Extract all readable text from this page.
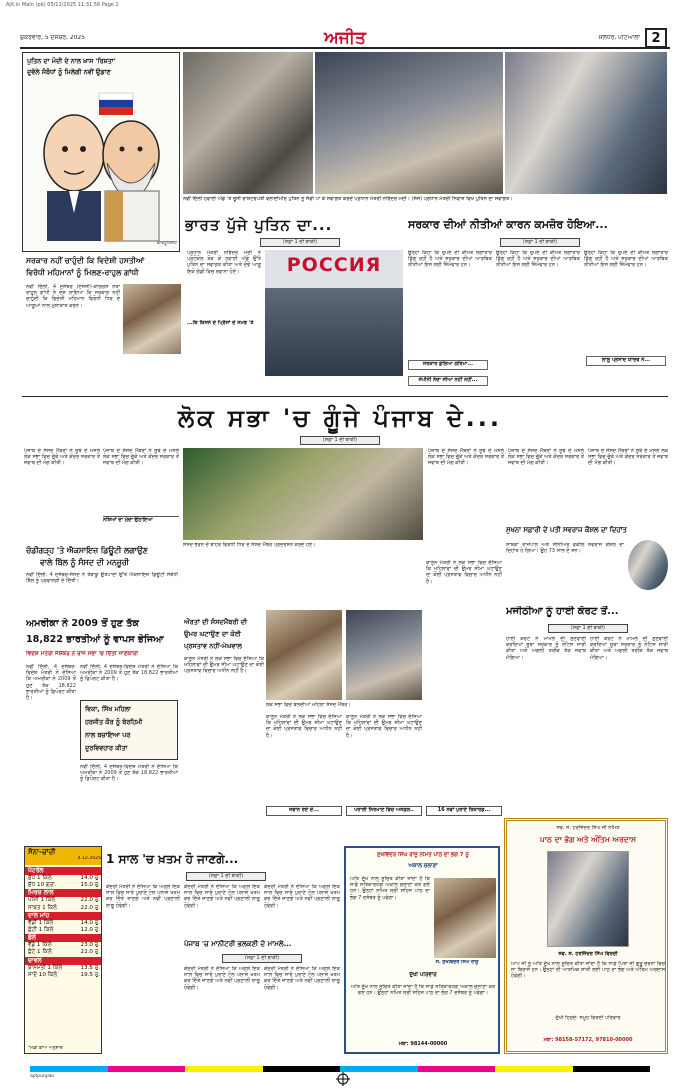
Ajit.in Main (pb) 05/12/2025 11:31:56 Page 2
ਸ਼ੁੱਕਰਵਾਰ, 5 ਦਸੰਬਰ, 2025	ਅਜੀਤ	ਜਲੰਧਰ, ਪਟਿਆਲਾ 2
ਪੁਤਿਨ ਦਾ ਮੋਦੀ ਦੇ ਨਾਲ ਖ਼ਾਸ 'ਰਿਸ਼ਤਾ'
ਦੁਵੱਲੇ ਸੰਬੰਧਾਂ ਨੂੰ ਮਿਲੇਗੀ ਨਵੀਂ ਉਡਾਣ
ਕਾਰਟੂਨਿਸਟ
ਨਵੀਂ ਦਿੱਲੀ ਹਵਾਈ ਅੱਡੇ 'ਤੇ ਰੂਸੀ ਰਾਸ਼ਟਰਪਤੀ ਵਲਾਦੀਮੀਰ ਪੁਤਿਨ ਨੂੰ ਜੱਫੀ ਪਾ ਕੇ ਸਵਾਗਤ ਕਰਦੇ ਪ੍ਰਧਾਨ ਮੰਤਰੀ ਨਰਿੰਦਰ ਮੋਦੀ। (ਸੱਜੇ) ਪ੍ਰਧਾਨ ਮੰਤਰੀ ਨਿਵਾਸ ਵਿਖੇ ਪੁਤਿਨ ਦਾ ਸਵਾਗਤ।
ਸਰਕਾਰ ਨਹੀਂ ਚਾਹੁੰਦੀ ਕਿ ਵਿਦੇਸ਼ੀ ਹਸਤੀਆਂ
ਵਿਰੋਧੀ ਮਹਿਮਾਨਾਂ ਨੂੰ ਮਿਲਣ-ਰਾਹੁਲ ਗਾਂਧੀ
ਨਵੀਂ ਦਿੱਲੀ, 4 ਦਸੰਬਰ (ਏਜੰਸੀ)-ਕਾਂਗਰਸ ਨੇਤਾ ਰਾਹੁਲ ਗਾਂਧੀ ਨੇ ਦੋਸ਼ ਲਾਇਆ ਕਿ ਸਰਕਾਰ ਨਹੀਂ ਚਾਹੁੰਦੀ ਕਿ ਵਿਦੇਸ਼ੀ ਮਹਿਮਾਨ ਵਿਰੋਧੀ ਧਿਰ ਦੇ ਆਗੂਆਂ ਨਾਲ ਮੁਲਾਕਾਤ ਕਰਨ।
ਭਾਰਤ ਪੁੱਜੇ ਪੁਤਿਨ ਦਾ...
(ਸਫ਼ਾ 1 ਦੀ ਬਾਕੀ)
ਪ੍ਰਧਾਨ ਮੰਤਰੀ ਨਰਿੰਦਰ ਮੋਦੀ ਨੇ ਪ੍ਰੋਟੋਕੋਲ ਤੋੜ ਕੇ ਹਵਾਈ ਅੱਡੇ ਉੱਤੇ ਪੁਤਿਨ ਦਾ ਸਵਾਗਤ ਕੀਤਾ ਅਤੇ ਦੋਵੇਂ ਆਗੂ ਇਕੋ ਗੱਡੀ ਵਿਚ ਰਵਾਨਾ ਹੋਏ।	РОССИЯ
...ਕਿ ਕਿਸਨੇ ਦੇ ਪ੍ਰਿੰਸਾਂ ਦੇ ਸਮਝ 'ਤੇ
ਸਰਕਾਰ ਦੀਆਂ ਨੀਤੀਆਂ ਕਾਰਨ ਕਮਜ਼ੋਰ ਹੋਇਆ...
(ਸਫ਼ਾ 1 ਦੀ ਬਾਕੀ)
ਉਨ੍ਹਾਂ ਕਿਹਾ ਕਿ ਰੁਪਏ ਦੀ ਕੀਮਤ ਲਗਾਤਾਰ ਡਿੱਗ ਰਹੀ ਹੈ ਅਤੇ ਸਰਕਾਰ ਦੀਆਂ ਆਰਥਿਕ ਨੀਤੀਆਂ ਇਸ ਲਈ ਜ਼ਿੰਮੇਵਾਰ ਹਨ।
ਉਨ੍ਹਾਂ ਕਿਹਾ ਕਿ ਰੁਪਏ ਦੀ ਕੀਮਤ ਲਗਾਤਾਰ ਡਿੱਗ ਰਹੀ ਹੈ ਅਤੇ ਸਰਕਾਰ ਦੀਆਂ ਆਰਥਿਕ ਨੀਤੀਆਂ ਇਸ ਲਈ ਜ਼ਿੰਮੇਵਾਰ ਹਨ।
ਉਨ੍ਹਾਂ ਕਿਹਾ ਕਿ ਰੁਪਏ ਦੀ ਕੀਮਤ ਲਗਾਤਾਰ ਡਿੱਗ ਰਹੀ ਹੈ ਅਤੇ ਸਰਕਾਰ ਦੀਆਂ ਆਰਥਿਕ ਨੀਤੀਆਂ ਇਸ ਲਈ ਜ਼ਿੰਮੇਵਾਰ ਹਨ।
ਸਰਕਾਰ ਡੋਲਿਆ ਗਰਿਮਾ...
ਲਾਲੂ ਪ੍ਰਸਾਦ ਯਾਦਵ ਨੇ...
ਜੇਪੀਨੀ ਨੰਦਾ ਜੀਆ ਨਹੀਂ ਨਹੀਂ...
ਲੋਕ ਸਭਾ 'ਚ ਗੂੰਜੇ ਪੰਜਾਬ ਦੇ...
(ਸਫ਼ਾ 1 ਦੀ ਬਾਕੀ)
ਪੰਜਾਬ ਦੇ ਸੰਸਦ ਮੈਂਬਰਾਂ ਨੇ ਸੂਬੇ ਦੇ ਮਸਲੇ ਲੋਕ ਸਭਾ ਵਿਚ ਚੁੱਕੇ ਅਤੇ ਕੇਂਦਰ ਸਰਕਾਰ ਤੋਂ ਜਵਾਬ ਦੀ ਮੰਗ ਕੀਤੀ।
ਪੰਜਾਬ ਦੇ ਸੰਸਦ ਮੈਂਬਰਾਂ ਨੇ ਸੂਬੇ ਦੇ ਮਸਲੇ ਲੋਕ ਸਭਾ ਵਿਚ ਚੁੱਕੇ ਅਤੇ ਕੇਂਦਰ ਸਰਕਾਰ ਤੋਂ ਜਵਾਬ ਦੀ ਮੰਗ ਕੀਤੀ।
ਸੰਸਦ ਭਵਨ ਦੇ ਬਾਹਰ ਵਿਰੋਧੀ ਧਿਰ ਦੇ ਸੰਸਦ ਮੈਂਬਰ ਪ੍ਰਦਰਸ਼ਨ ਕਰਦੇ ਹੋਏ।
ਪੰਜਾਬ ਦੇ ਸੰਸਦ ਮੈਂਬਰਾਂ ਨੇ ਸੂਬੇ ਦੇ ਮਸਲੇ ਲੋਕ ਸਭਾ ਵਿਚ ਚੁੱਕੇ ਅਤੇ ਕੇਂਦਰ ਸਰਕਾਰ ਤੋਂ ਜਵਾਬ ਦੀ ਮੰਗ ਕੀਤੀ।
ਪੰਜਾਬ ਦੇ ਸੰਸਦ ਮੈਂਬਰਾਂ ਨੇ ਸੂਬੇ ਦੇ ਮਸਲੇ ਲੋਕ ਸਭਾ ਵਿਚ ਚੁੱਕੇ ਅਤੇ ਕੇਂਦਰ ਸਰਕਾਰ ਤੋਂ ਜਵਾਬ ਦੀ ਮੰਗ ਕੀਤੀ।
ਪੰਜਾਬ ਦੇ ਸੰਸਦ ਮੈਂਬਰਾਂ ਨੇ ਸੂਬੇ ਦੇ ਮਸਲੇ ਲੋਕ ਸਭਾ ਵਿਚ ਚੁੱਕੇ ਅਤੇ ਕੇਂਦਰ ਸਰਕਾਰ ਤੋਂ ਜਵਾਬ ਦੀ ਮੰਗ ਕੀਤੀ।
ਨਸ਼ਿਆਂ ਦਾ ਮੁੱਦਾ ਉਠਾਇਆ
ਚੰਡੀਗੜ੍ਹ 'ਤੇ ਐਕਸਾਇਜ਼ ਡਿਊਟੀ ਲਗਾਉਣ
ਵਾਲੇ ਬਿੱਲ ਨੂੰ ਸੰਸਦ ਦੀ ਮਨਜ਼ੂਰੀ
ਨਵੀਂ ਦਿੱਲੀ, 4 ਦਸੰਬਰ-ਸੰਸਦ ਨੇ ਤੰਬਾਕੂ ਉਤਪਾਦਾਂ ਉੱਤੇ ਐਕਸਾਇਜ਼ ਡਿਊਟੀ ਸੰਬੰਧੀ ਬਿੱਲ ਨੂੰ ਪ੍ਰਵਾਨਗੀ ਦੇ ਦਿੱਤੀ।
ਅਮਰੀਕਾ ਨੇ 2009 ਤੋਂ ਹੁਣ ਤੱਕ
18,822 ਭਾਰਤੀਆਂ ਨੂੰ ਵਾਪਸ ਭੇਜਿਆ
ਵਿਦੇਸ਼ ਮੰਤਰੀ ਜੈਸ਼ੰਕਰ ਨੇ ਰਾਜ ਸਭਾ 'ਚ ਦਿੱਤੀ ਜਾਣਕਾਰੀ
ਨਵੀਂ ਦਿੱਲੀ, 4 ਦਸੰਬਰ-ਵਿਦੇਸ਼ ਮੰਤਰੀ ਨੇ ਦੱਸਿਆ ਕਿ ਅਮਰੀਕਾ ਨੇ 2009 ਤੋਂ ਹੁਣ ਤੱਕ 18,822 ਭਾਰਤੀਆਂ ਨੂੰ ਡਿਪੋਰਟ ਕੀਤਾ ਹੈ।
ਵਿਕਾ, ਸਿੱਖ ਮਹਿਲਾ
ਹਰਜੀਤ ਕੌਰ ਨੂੰ ਬੇਰਹਿਮੀ
ਨਾਲ ਬਚਾਇਆ ਪਰ
ਦੁਰਵਿਵਹਾਰ ਕੀਤਾ
ਨਵੀਂ ਦਿੱਲੀ, 4 ਦਸੰਬਰ-ਵਿਦੇਸ਼ ਮੰਤਰੀ ਨੇ ਦੱਸਿਆ ਕਿ ਅਮਰੀਕਾ ਨੇ 2009 ਤੋਂ ਹੁਣ ਤੱਕ 18,822 ਭਾਰਤੀਆਂ ਨੂੰ ਡਿਪੋਰਟ ਕੀਤਾ ਹੈ।
ਨਵੀਂ ਦਿੱਲੀ, 4 ਦਸੰਬਰ-ਵਿਦੇਸ਼ ਮੰਤਰੀ ਨੇ ਦੱਸਿਆ ਕਿ ਅਮਰੀਕਾ ਨੇ 2009 ਤੋਂ ਹੁਣ ਤੱਕ 18,822 ਭਾਰਤੀਆਂ ਨੂੰ ਡਿਪੋਰਟ ਕੀਤਾ ਹੈ।
ਲੋਕ ਸਭਾ ਵਿਚ ਬੋਲਦੀਆਂ ਮਹਿਲਾ ਸੰਸਦ ਮੈਂਬਰ।
ਔਰਤਾਂ ਦੀ ਸੰਸਦਮੈਂਬਰੀ ਦੀ
ਉਮਰ ਘਟਾਉਣ ਦਾ ਕੋਈ
ਪ੍ਰਸਤਾਵ ਨਹੀਂ-ਮੇਘਵਾਲ
ਕਾਨੂੰਨ ਮੰਤਰੀ ਨੇ ਲੋਕ ਸਭਾ ਵਿਚ ਦੱਸਿਆ ਕਿ ਮਹਿਲਾਵਾਂ ਦੀ ਉਮਰ ਸੀਮਾ ਘਟਾਉਣ ਦਾ ਕੋਈ ਪ੍ਰਸਤਾਵ ਵਿਚਾਰ ਅਧੀਨ ਨਹੀਂ ਹੈ।
ਕਾਨੂੰਨ ਮੰਤਰੀ ਨੇ ਲੋਕ ਸਭਾ ਵਿਚ ਦੱਸਿਆ ਕਿ ਮਹਿਲਾਵਾਂ ਦੀ ਉਮਰ ਸੀਮਾ ਘਟਾਉਣ ਦਾ ਕੋਈ ਪ੍ਰਸਤਾਵ ਵਿਚਾਰ ਅਧੀਨ ਨਹੀਂ ਹੈ।
ਕਾਨੂੰਨ ਮੰਤਰੀ ਨੇ ਲੋਕ ਸਭਾ ਵਿਚ ਦੱਸਿਆ ਕਿ ਮਹਿਲਾਵਾਂ ਦੀ ਉਮਰ ਸੀਮਾ ਘਟਾਉਣ ਦਾ ਕੋਈ ਪ੍ਰਸਤਾਵ ਵਿਚਾਰ ਅਧੀਨ ਨਹੀਂ ਹੈ।
ਜਵਾਨ ਰੋਏ ਦੇ...	ਪਰਾਲੀ ਨਿਰਮਾਣ ਵਿਚ ਅਸਫ਼ਲ..	16 ਨਵਾਂ ਪੁਰਾਣੇ ਰਿਕਾਰਡ...
ਕਾਨੂੰਨ ਮੰਤਰੀ ਨੇ ਲੋਕ ਸਭਾ ਵਿਚ ਦੱਸਿਆ ਕਿ ਮਹਿਲਾਵਾਂ ਦੀ ਉਮਰ ਸੀਮਾ ਘਟਾਉਣ ਦਾ ਕੋਈ ਪ੍ਰਸਤਾਵ ਵਿਚਾਰ ਅਧੀਨ ਨਹੀਂ ਹੈ।
ਸੁਖਨਾ ਸਫ਼ਾਰੀ ਦੇ ਪਤੀ ਸਵਰਾਜ ਕੌਸ਼ਲ ਦਾ ਦਿਹਾਂਤ
ਸਾਬਕਾ ਰਾਜਪਾਲ ਅਤੇ ਸੀਨੀਅਰ ਵਕੀਲ ਸਵਰਾਜ ਕੌਸ਼ਲ ਦਾ ਦਿਹਾਂਤ ਹੋ ਗਿਆ। ਉਹ 73 ਸਾਲ ਦੇ ਸਨ।
ਮਜੀਠੀਆ ਨੂੰ ਹਾਈ ਕੋਰਟ ਤੋਂ...
(ਸਫ਼ਾ 1 ਦੀ ਬਾਕੀ)
ਹਾਈ ਕੋਰਟ ਨੇ ਮਾਮਲੇ ਦੀ ਸੁਣਵਾਈ ਕਰਦਿਆਂ ਸੂਬਾ ਸਰਕਾਰ ਨੂੰ ਨੋਟਿਸ ਜਾਰੀ ਕੀਤਾ ਅਤੇ ਅਗਲੀ ਤਰੀਕ ਤੱਕ ਜਵਾਬ ਮੰਗਿਆ।
ਹਾਈ ਕੋਰਟ ਨੇ ਮਾਮਲੇ ਦੀ ਸੁਣਵਾਈ ਕਰਦਿਆਂ ਸੂਬਾ ਸਰਕਾਰ ਨੂੰ ਨੋਟਿਸ ਜਾਰੀ ਕੀਤਾ ਅਤੇ ਅਗਲੀ ਤਰੀਕ ਤੱਕ ਜਵਾਬ ਮੰਗਿਆ।
ਸੋਨਾ-ਚਾਂਦੀ
4.12.2025
ਪੈਟਰੋਲ
ਸ਼ੁੱਧ 1 ਕਿਲੋ	14.0 ਰੁ.
ਸ਼ੁੱਧ 10 ਗ੍ਰਾ.	15.0 ਰੁ.
ਮਿਰਚ ਲਾਲ
ਪੀਸੀ 1 ਕਿਲੋ	22.0 ਰੁ.
ਸਾਬਤ 1 ਕਿਲੋ	22.0 ਰੁ.
ਦਾਲ ਮਾਂਹ
ਵੱਡੀ 1 ਕਿਲੋ	14.0 ਰੁ.
ਛੋਟੀ 1 ਕਿਲੋ	12.0 ਰੁ.
ਛੋਲੇ
ਵੱਡੇ 1 ਕਿਲੋ	23.0 ਰੁ.
ਛੋਟੇ 1 ਕਿਲੋ	22.0 ਰੁ.
ਚਾਵਲ
ਬਾਸਮਤੀ 1 ਕਿਲੋ	13.5 ਰੁ.
ਸਾਦੇ 10 ਕਿਲੋ	19.5 ਰੁ.
*ਮੰਡੀ ਭਾਅ ਅਨੁਸਾਰ
1 ਸਾਲ 'ਚ ਖ਼ਤਮ ਹੋ ਜਾਣਗੇ...
(ਸਫ਼ਾ 1 ਦੀ ਬਾਕੀ)
ਕੇਂਦਰੀ ਮੰਤਰੀ ਨੇ ਦੱਸਿਆ ਕਿ ਅਗਲੇ ਇਕ ਸਾਲ ਵਿਚ ਸਾਰੇ ਪੁਰਾਣੇ ਟੋਲ ਪਲਾਜ਼ੇ ਖ਼ਤਮ ਕਰ ਦਿੱਤੇ ਜਾਣਗੇ ਅਤੇ ਨਵੀਂ ਪ੍ਰਣਾਲੀ ਲਾਗੂ ਹੋਵੇਗੀ।
ਕੇਂਦਰੀ ਮੰਤਰੀ ਨੇ ਦੱਸਿਆ ਕਿ ਅਗਲੇ ਇਕ ਸਾਲ ਵਿਚ ਸਾਰੇ ਪੁਰਾਣੇ ਟੋਲ ਪਲਾਜ਼ੇ ਖ਼ਤਮ ਕਰ ਦਿੱਤੇ ਜਾਣਗੇ ਅਤੇ ਨਵੀਂ ਪ੍ਰਣਾਲੀ ਲਾਗੂ ਹੋਵੇਗੀ।
ਕੇਂਦਰੀ ਮੰਤਰੀ ਨੇ ਦੱਸਿਆ ਕਿ ਅਗਲੇ ਇਕ ਸਾਲ ਵਿਚ ਸਾਰੇ ਪੁਰਾਣੇ ਟੋਲ ਪਲਾਜ਼ੇ ਖ਼ਤਮ ਕਰ ਦਿੱਤੇ ਜਾਣਗੇ ਅਤੇ ਨਵੀਂ ਪ੍ਰਣਾਲੀ ਲਾਗੂ ਹੋਵੇਗੀ।
ਪੰਜਾਬ 'ਚ ਮਾਨੀਟਰੀ ਭਲਕਣੀ ਦੇ ਮਾਮਲੇ...
(ਸਫ਼ਾ 1 ਦੀ ਬਾਕੀ)
ਕੇਂਦਰੀ ਮੰਤਰੀ ਨੇ ਦੱਸਿਆ ਕਿ ਅਗਲੇ ਇਕ ਸਾਲ ਵਿਚ ਸਾਰੇ ਪੁਰਾਣੇ ਟੋਲ ਪਲਾਜ਼ੇ ਖ਼ਤਮ ਕਰ ਦਿੱਤੇ ਜਾਣਗੇ ਅਤੇ ਨਵੀਂ ਪ੍ਰਣਾਲੀ ਲਾਗੂ ਹੋਵੇਗੀ।
ਕੇਂਦਰੀ ਮੰਤਰੀ ਨੇ ਦੱਸਿਆ ਕਿ ਅਗਲੇ ਇਕ ਸਾਲ ਵਿਚ ਸਾਰੇ ਪੁਰਾਣੇ ਟੋਲ ਪਲਾਜ਼ੇ ਖ਼ਤਮ ਕਰ ਦਿੱਤੇ ਜਾਣਗੇ ਅਤੇ ਨਵੀਂ ਪ੍ਰਣਾਲੀ ਲਾਗੂ ਹੋਵੇਗੀ।
ਸੁਖਵਿੰਦਰ ਸਿੰਘ ਰਾਜੂ ਨਮਿਤ ਪਾਠ ਦਾ ਭੋਗ 7 ਨੂੰ
ਅਕਾਲ ਚਲਾਣਾ
ਅਤਿ ਦੁੱਖ ਨਾਲ ਸੂਚਿਤ ਕੀਤਾ ਜਾਂਦਾ ਹੈ ਕਿ ਸਾਡੇ ਸਤਿਕਾਰਯੋਗ ਅਕਾਲ ਚਲਾਣਾ ਕਰ ਗਏ ਹਨ। ਉਨ੍ਹਾਂ ਨਮਿਤ ਸ੍ਰੀ ਸਹਿਜ ਪਾਠ ਦਾ ਭੋਗ 7 ਦਸੰਬਰ ਨੂੰ ਪਵੇਗਾ।
ਸ. ਸੁਖਵਿੰਦਰ ਸਿੰਘ ਰਾਜੂ
ਦੁੱਖੀ ਪਰਿਵਾਰ
ਅਤਿ ਦੁੱਖ ਨਾਲ ਸੂਚਿਤ ਕੀਤਾ ਜਾਂਦਾ ਹੈ ਕਿ ਸਾਡੇ ਸਤਿਕਾਰਯੋਗ ਅਕਾਲ ਚਲਾਣਾ ਕਰ ਗਏ ਹਨ। ਉਨ੍ਹਾਂ ਨਮਿਤ ਸ੍ਰੀ ਸਹਿਜ ਪਾਠ ਦਾ ਭੋਗ 7 ਦਸੰਬਰ ਨੂੰ ਪਵੇਗਾ।
ਮੋਬਾ: 98144-00000
ਸਵ. ਸ. ਹਰਜਿੰਦਰ ਸਿੰਘ ਜੀ ਨਮਿਤ
ਪਾਠ ਦਾ ਭੋਗ ਅਤੇ ਅੰਤਿਮ ਅਰਦਾਸ
ਸਵ. ਸ. ਹਰਜਿੰਦਰ ਸਿੰਘ ਵਿਰਦੀ
ਆਪ ਜੀ ਨੂੰ ਅਤਿ ਦੁੱਖ ਨਾਲ ਸੂਚਿਤ ਕੀਤਾ ਜਾਂਦਾ ਹੈ ਕਿ ਸਾਡੇ ਪਿਤਾ ਜੀ ਗੁਰੂ ਚਰਨਾਂ ਵਿਚ ਜਾ ਬਿਰਾਜੇ ਹਨ। ਉਨ੍ਹਾਂ ਦੀ ਆਤਮਿਕ ਸ਼ਾਂਤੀ ਲਈ ਪਾਠ ਦਾ ਭੋਗ ਅਤੇ ਅੰਤਿਮ ਅਰਦਾਸ ਹੋਵੇਗੀ।
ਦੁੱਖੀ ਹਿਰਦੇ: ਸਮੂਹ ਵਿਰਦੀ ਪਰਿਵਾਰ
ਮੋਬਾ: 98158-57172, 97810-00000
ajitpunjabi
